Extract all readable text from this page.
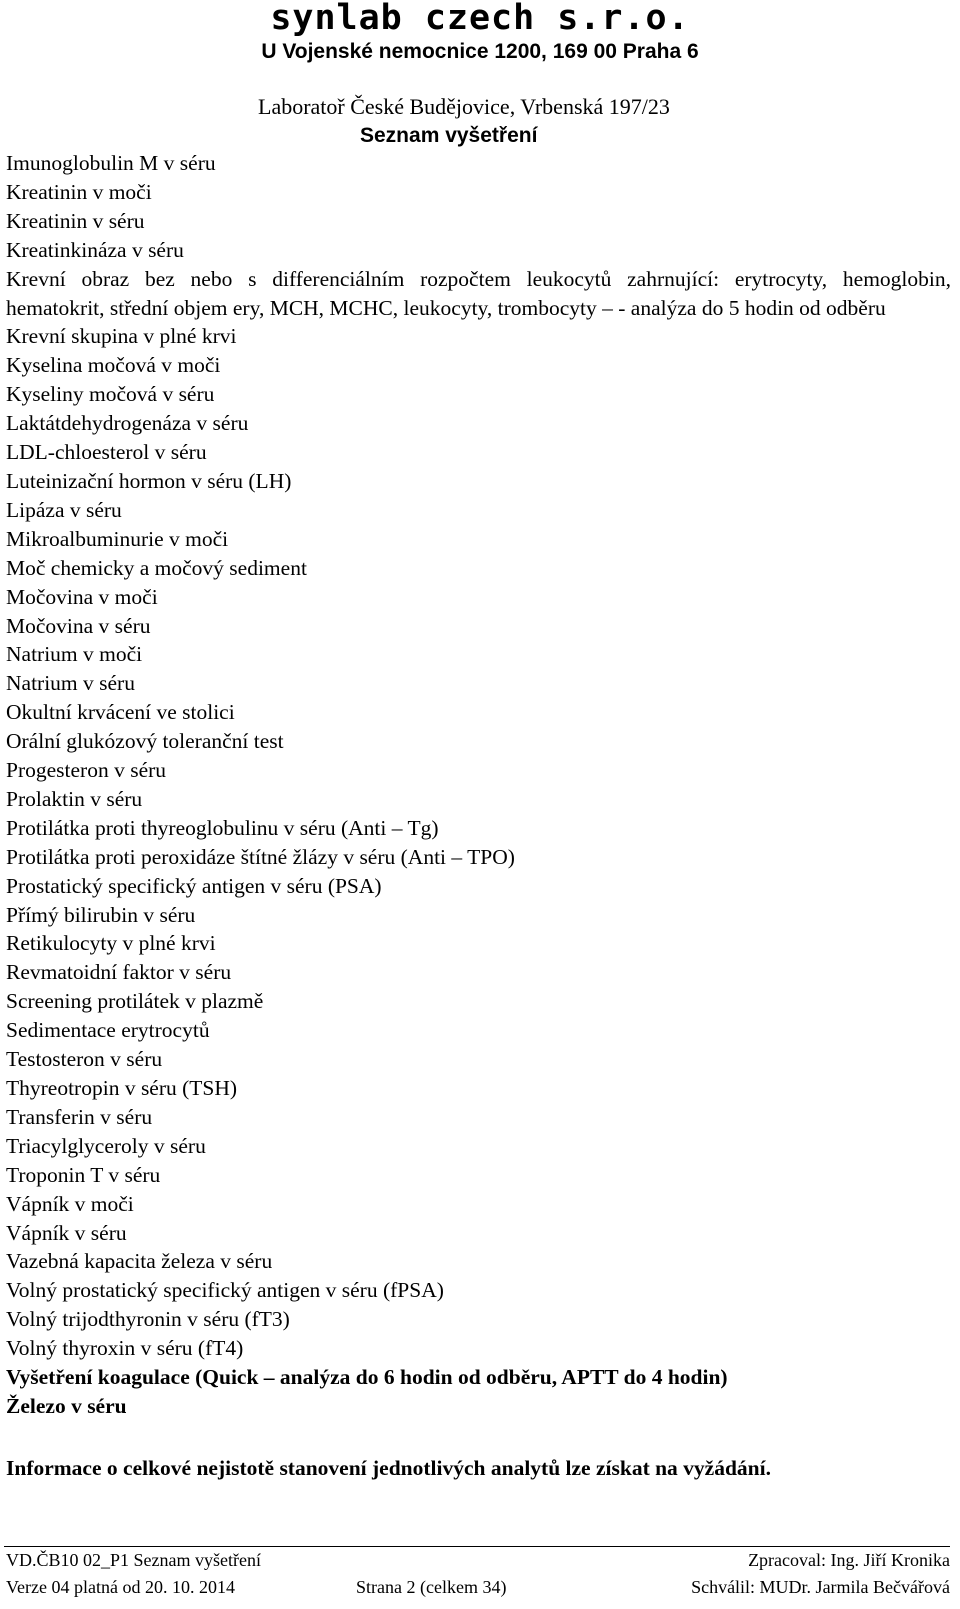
synlab czech s.r.o.
U Vojenské nemocnice 1200, 169 00 Praha 6
Laboratoř České Budějovice, Vrbenská 197/23
Seznam vyšetření
Imunoglobulin M v séru
Kreatinin v moči
Kreatinin v séru
Kreatinkináza v séru
Krevní obraz bez nebo s differenciálním rozpočtem leukocytů zahrnující: erytrocyty, hemoglobin, hematokrit, střední objem ery, MCH, MCHC, leukocyty, trombocyty – - analýza do 5 hodin od odběru
Krevní skupina v plné krvi
Kyselina močová v moči
Kyseliny močová v séru
Laktátdehydrogenáza v séru
LDL-chloesterol v séru
Luteinizační hormon v séru (LH)
Lipáza v séru
Mikroalbuminurie v moči
Moč chemicky a močový sediment
Močovina v moči
Močovina v séru
Natrium v moči
Natrium v séru
Okultní krvácení ve stolici
Orální glukózový toleranční test
Progesteron v séru
Prolaktin v séru
Protilátka proti thyreoglobulinu v séru (Anti – Tg)
Protilátka proti peroxidáze štítné žlázy v séru (Anti – TPO)
Prostatický specifický antigen v séru (PSA)
Přímý bilirubin v séru
Retikulocyty v plné krvi
Revmatoidní faktor v séru
Screening protilátek v plazmě
Sedimentace erytrocytů
Testosteron v séru
Thyreotropin v séru (TSH)
Transferin v séru
Triacylglyceroly v séru
Troponin T v séru
Vápník v moči
Vápník v séru
Vazebná kapacita železa v séru
Volný prostatický specifický antigen v séru (fPSA)
Volný trijodthyronin v séru (fT3)
Volný thyroxin v séru (fT4)
Vyšetření koagulace (Quick – analýza do 6 hodin od odběru, APTT do 4 hodin)
Železo v séru
Informace o celkové nejistotě stanovení jednotlivých analytů lze získat na vyžádání.
VD.ČB10 02_P1 Seznam vyšetření	Zpracoval: Ing. Jiří Kronika
Verze 04 platná od 20. 10. 2014	Strana 2 (celkem 34)	Schválil: MUDr. Jarmila Bečvářová
